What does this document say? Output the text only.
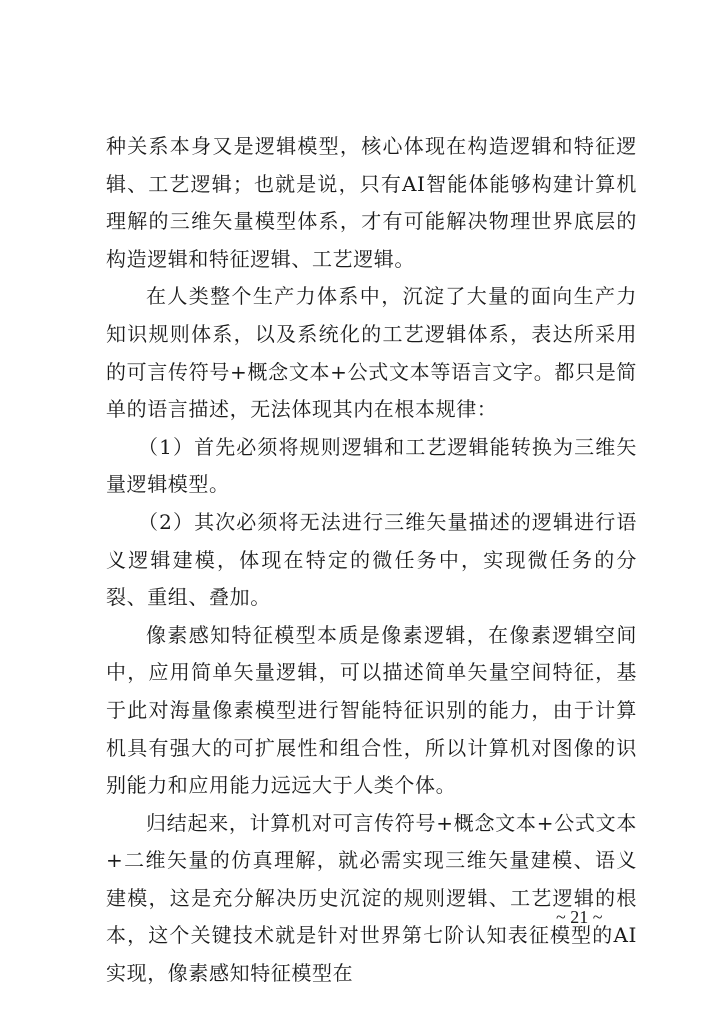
种关系本身又是逻辑模型，核心体现在构造逻辑和特征逻辑、工艺逻辑；也就是说，只有AI智能体能够构建计算机理解的三维矢量模型体系，才有可能解决物理世界底层的构造逻辑和特征逻辑、工艺逻辑。

在人类整个生产力体系中，沉淀了大量的面向生产力知识规则体系，以及系统化的工艺逻辑体系，表达所采用的可言传符号+概念文本+公式文本等语言文字。都只是简单的语言描述，无法体现其内在根本规律：

（1）首先必须将规则逻辑和工艺逻辑能转换为三维矢量逻辑模型。

（2）其次必须将无法进行三维矢量描述的逻辑进行语义逻辑建模，体现在特定的微任务中，实现微任务的分裂、重组、叠加。

像素感知特征模型本质是像素逻辑，在像素逻辑空间中，应用简单矢量逻辑，可以描述简单矢量空间特征，基于此对海量像素模型进行智能特征识别的能力，由于计算机具有强大的可扩展性和组合性，所以计算机对图像的识别能力和应用能力远远大于人类个体。

归结起来，计算机对可言传符号+概念文本+公式文本+二维矢量的仿真理解，就必需实现三维矢量建模、语义建模，这是充分解决历史沉淀的规则逻辑、工艺逻辑的根本，这个关键技术就是针对世界第七阶认知表征模型的AI实现，像素感知特征模型在

~ 21 ~
